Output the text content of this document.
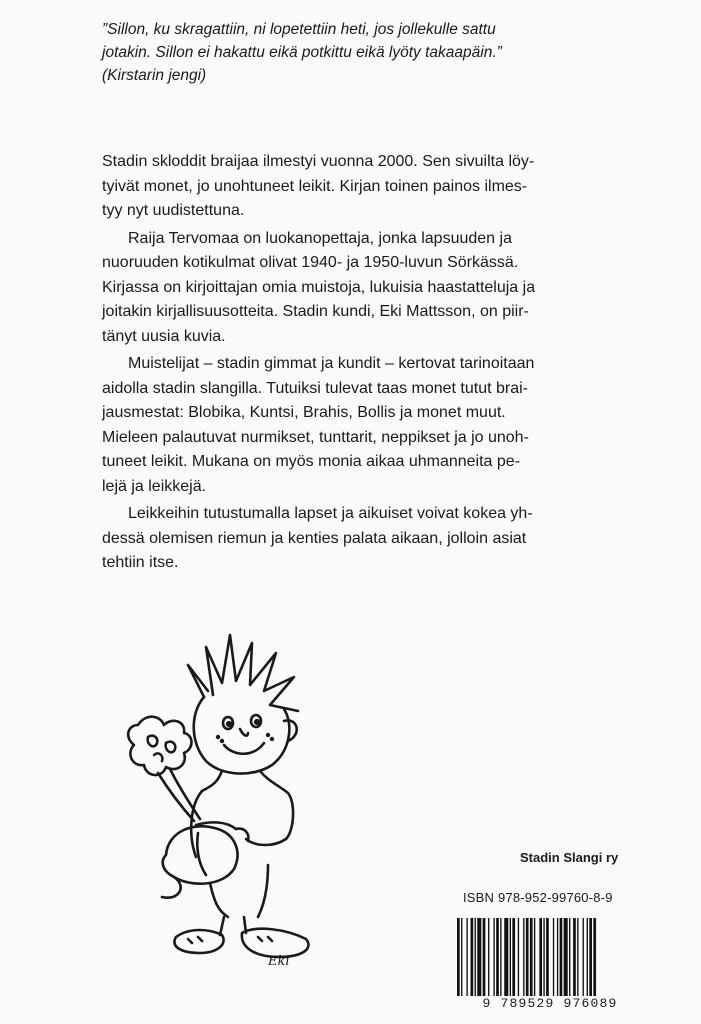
”Sillon, ku skragattiin, ni lopetettiin heti, jos jollekulle sattu
jotakin. Sillon ei hakattu eikä potkittu eikä lyöty takaapäin.”
(Kirstarin jengi)

Stadin skloddit braijaa ilmestyi vuonna 2000. Sen sivuilta löy-
tyivät monet, jo unohtuneet leikit. Kirjan toinen painos ilmes-
tyy nyt uudistettuna.

Raija Tervomaa on luokanopettaja, jonka lapsuuden ja
nuoruuden kotikulmat olivat 1940- ja 1950-luvun Sörkässä.
Kirjassa on kirjoittajan omia muistoja, lukuisia haastatteluja ja
joitakin kirjallisuusotteita. Stadin kundi, Eki Mattsson, on piir-
tänyt uusia kuvia.

Muistelijat – stadin gimmat ja kundit – kertovat tarinoitaan
aidolla stadin slangilla. Tutuiksi tulevat taas monet tutut brai-
jausmestat: Blobika, Kuntsi, Brahis, Bollis ja monet muut.
Mieleen palautuvat nurmikset, tunttarit, neppikset ja jo unoh-
tuneet leikit. Mukana on myös monia aikaa uhmanneita pe-
lejä ja leikkejä.

Leikkeihin tutustumalla lapset ja aikuiset voivat kokea yh-
dessä olemisen riemun ja kenties palata aikaan, jolloin asiat
tehtiin itse.

Eki
Stadin Slangi ry
ISBN 978-952-99760-8-9
9 789529 976089
